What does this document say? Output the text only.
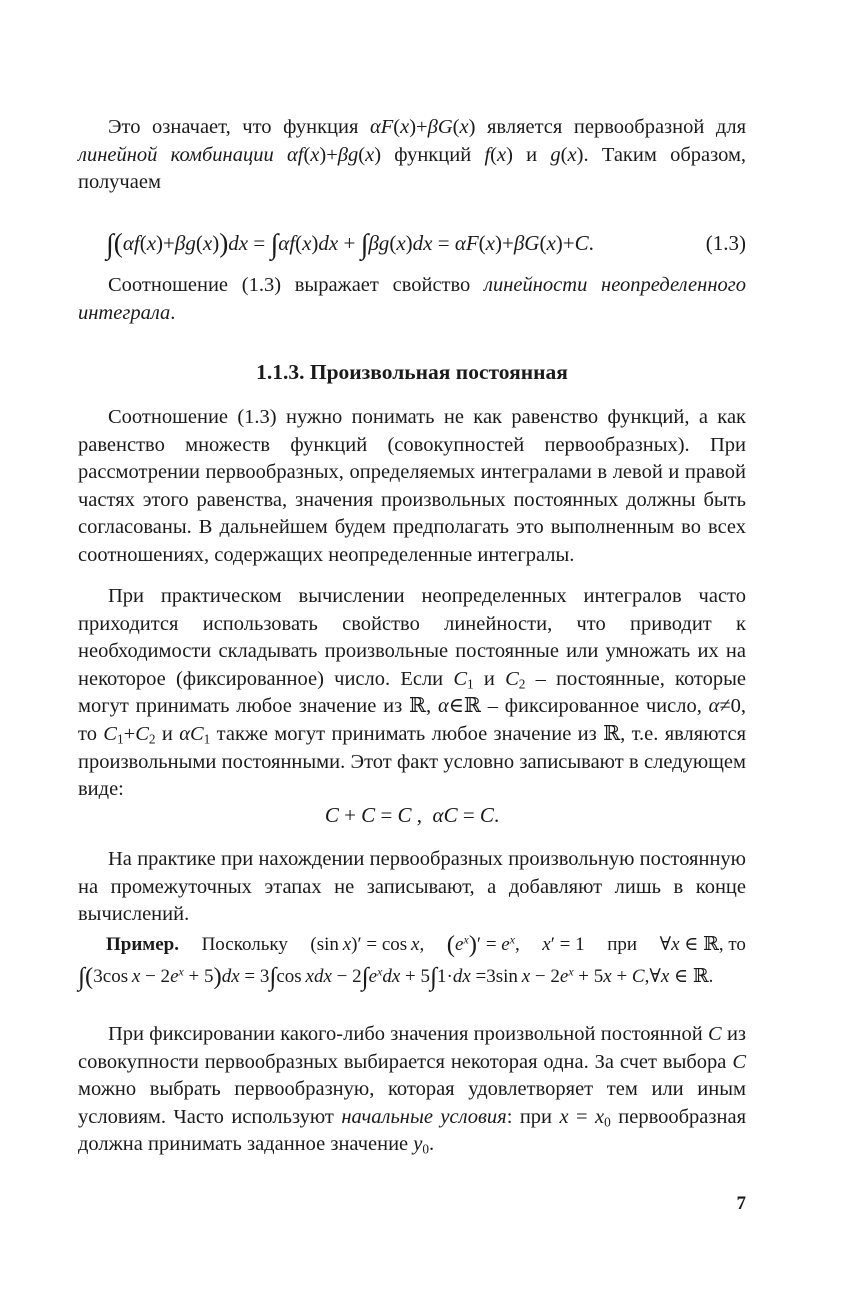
Это означает, что функция αF(x)+βG(x) является первообразной для линейной комбинации αf(x)+βg(x) функций f(x) и g(x). Таким образом, получаем

∫(αf(x)+βg(x))dx = ∫αf(x)dx + ∫βg(x)dx = αF(x)+βG(x)+C.	(1.3)

Соотношение (1.3) выражает свойство линейности неопределенного интеграла.

1.1.3. Произвольная постоянная

Соотношение (1.3) нужно понимать не как равенство функций, а как равенство множеств функций (совокупностей первообразных). При рассмотрении первообразных, определяемых интегралами в левой и правой частях этого равенства, значения произвольных постоянных должны быть согласованы. В дальнейшем будем предполагать это выполненным во всех соотношениях, содержащих неопределенные интегралы.

При практическом вычислении неопределенных интегралов часто приходится использовать свойство линейности, что приводит к необходимости складывать произвольные постоянные или умножать их на некоторое (фиксированное) число. Если $C_1$ и $C_2$ – постоянные, которые могут принимать любое значение из ℝ, α∈ℝ – фиксированное число, α≠0, то $C_1+C_2$ и $\alpha C_1$ также могут принимать любое значение из ℝ, т.е. являются произвольными постоянными. Этот факт условно записывают в следующем виде:

C + C = C ,  αC = C.

На практике при нахождении первообразных произвольную постоянную на промежуточных этапах не записывают, а добавляют лишь в конце вычислений.

Пример. Поскольку (sin x)′ = cos x, $(e^x)' = e^x$, x′ = 1 при ∀x ∈ ℝ, то
∫(3cos $x - 2e^x + 5)dx = 3\int\cos$ xdx − $2\int e^xdx + 5\int 1\cdot dx =3\sin$ $x - 2e^x + 5x$ + C,∀x ∈ ℝ.

При фиксировании какого-либо значения произвольной постоянной C из совокупности первообразных выбирается некоторая одна. За счет выбора C можно выбрать первообразную, которая удовлетворяет тем или иным условиям. Часто используют начальные условия: при $x = x_0$ первообразная должна принимать заданное значение $y_0$.

7
